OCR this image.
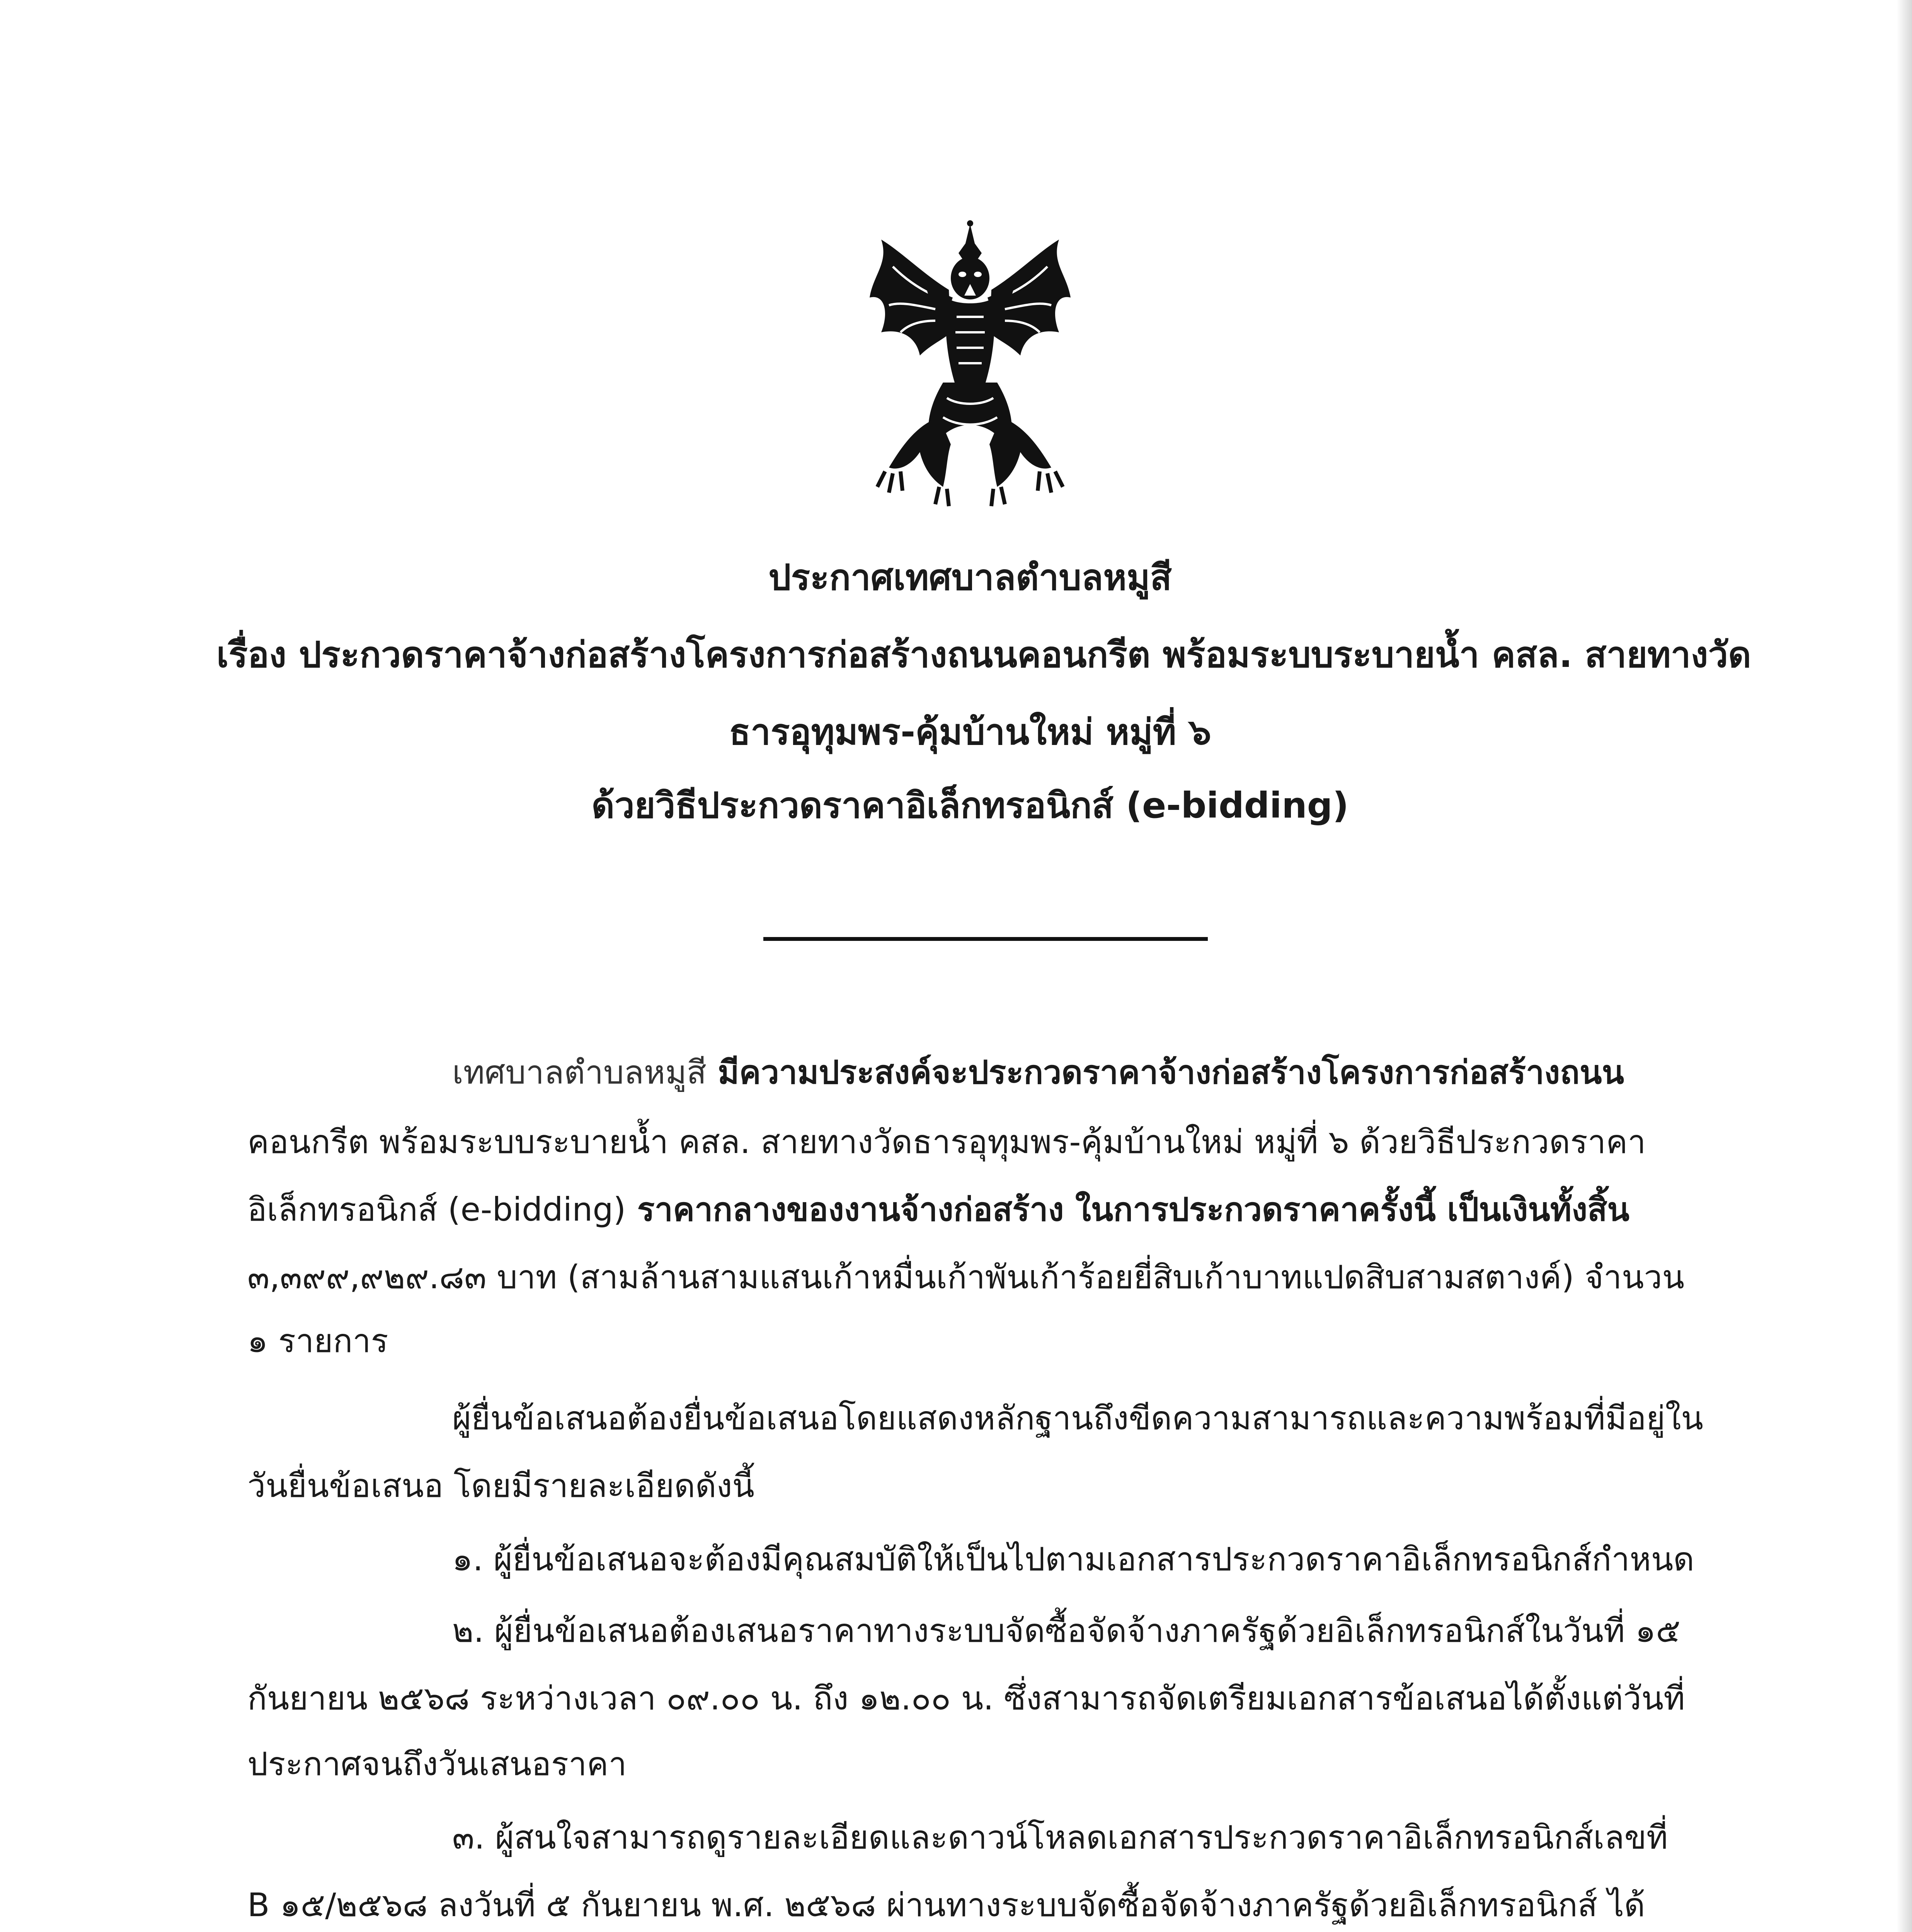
ประกาศเทศบาลตำบลหมูสี
เรื่อง ประกวดราคาจ้างก่อสร้างโครงการก่อสร้างถนนคอนกรีต พร้อมระบบระบายน้ำ คสล. สายทางวัด
ธารอุทุมพร-คุ้มบ้านใหม่ หมู่ที่ ๖
ด้วยวิธีประกวดราคาอิเล็กทรอนิกส์ (e-bidding)
เทศบาลตำบลหมูสี มีความประสงค์จะประกวดราคาจ้างก่อสร้างโครงการก่อสร้างถนน
คอนกรีต พร้อมระบบระบายน้ำ คสล. สายทางวัดธารอุทุมพร-คุ้มบ้านใหม่ หมู่ที่ ๖ ด้วยวิธีประกวดราคา
อิเล็กทรอนิกส์ (e-bidding) ราคากลางของงานจ้างก่อสร้าง ในการประกวดราคาครั้งนี้ เป็นเงินทั้งสิ้น
๓,๓๙๙,๙๒๙.๘๓ บาท (สามล้านสามแสนเก้าหมื่นเก้าพันเก้าร้อยยี่สิบเก้าบาทแปดสิบสามสตางค์) จำนวน
๑ รายการ
ผู้ยื่นข้อเสนอต้องยื่นข้อเสนอโดยแสดงหลักฐานถึงขีดความสามารถและความพร้อมที่มีอยู่ใน
วันยื่นข้อเสนอ โดยมีรายละเอียดดังนี้
๑. ผู้ยื่นข้อเสนอจะต้องมีคุณสมบัติให้เป็นไปตามเอกสารประกวดราคาอิเล็กทรอนิกส์กำหนด
๒. ผู้ยื่นข้อเสนอต้องเสนอราคาทางระบบจัดซื้อจัดจ้างภาครัฐด้วยอิเล็กทรอนิกส์ในวันที่ ๑๕
กันยายน ๒๕๖๘ ระหว่างเวลา ๐๙.๐๐ น. ถึง ๑๒.๐๐ น. ซึ่งสามารถจัดเตรียมเอกสารข้อเสนอได้ตั้งแต่วันที่
ประกาศจนถึงวันเสนอราคา
๓. ผู้สนใจสามารถดูรายละเอียดและดาวน์โหลดเอกสารประกวดราคาอิเล็กทรอนิกส์เลขที่
B ๑๕/๒๕๖๘ ลงวันที่ ๕ กันยายน พ.ศ. ๒๕๖๘ ผ่านทางระบบจัดซื้อจัดจ้างภาครัฐด้วยอิเล็กทรอนิกส์ ได้
